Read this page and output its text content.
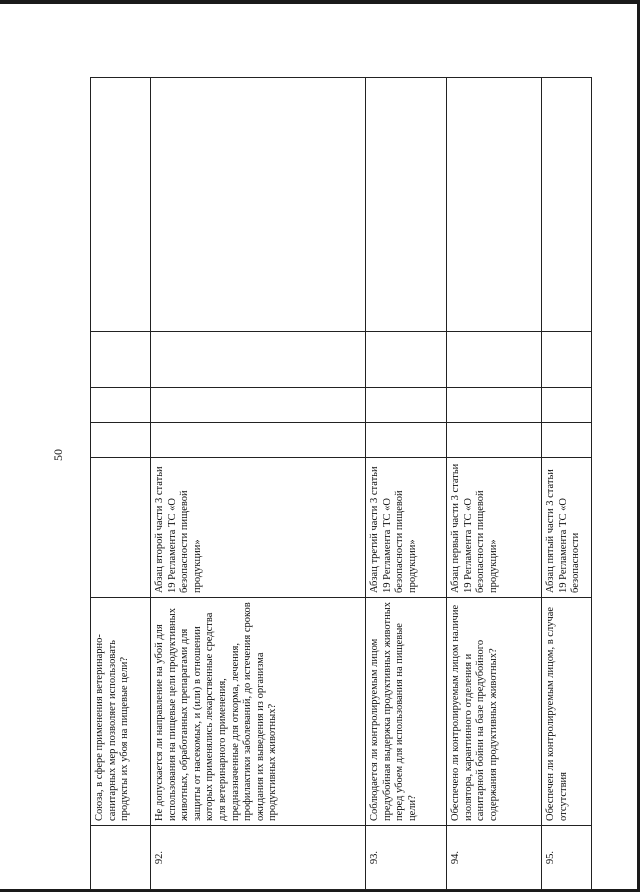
50
	Союза, в сфере применения ветеринарно-санитарных мер позволяет использовать продукты их убоя на пищевые цели?					
92.	Не допускается ли направление на убой для использования на пищевые цели продуктивных животных, обработанных препаратами для защиты от насекомых, и (или) в отношении которых применялись лекарственные средства для ветеринарного применения, предназначенные для откорма, лечения, профилактики заболеваний, до истечения сроков ожидания их выведения из организма продуктивных животных?	Абзац второй части 3 статьи 19 Регламента ТС «О безопасности пищевой продукции»				
93.	Соблюдается ли контролируемым лицом предубойная выдержка продуктивных животных перед убоем для использования на пищевые цели?	Абзац третий части 3 статьи 19 Регламента ТС «О безопасности пищевой продукции»				
94.	Обеспечено ли контролируемым лицом наличие изолятора, карантинного отделения и санитарной бойни на базе предубойного содержания продуктивных животных?	Абзац первый части 3 статьи 19 Регламента ТС «О безопасности пищевой продукции»				
95.	Обеспечен ли контролируемым лицом, в случае отсутствия	Абзац пятый части 3 статьи 19 Регламента ТС «О безопасности				
